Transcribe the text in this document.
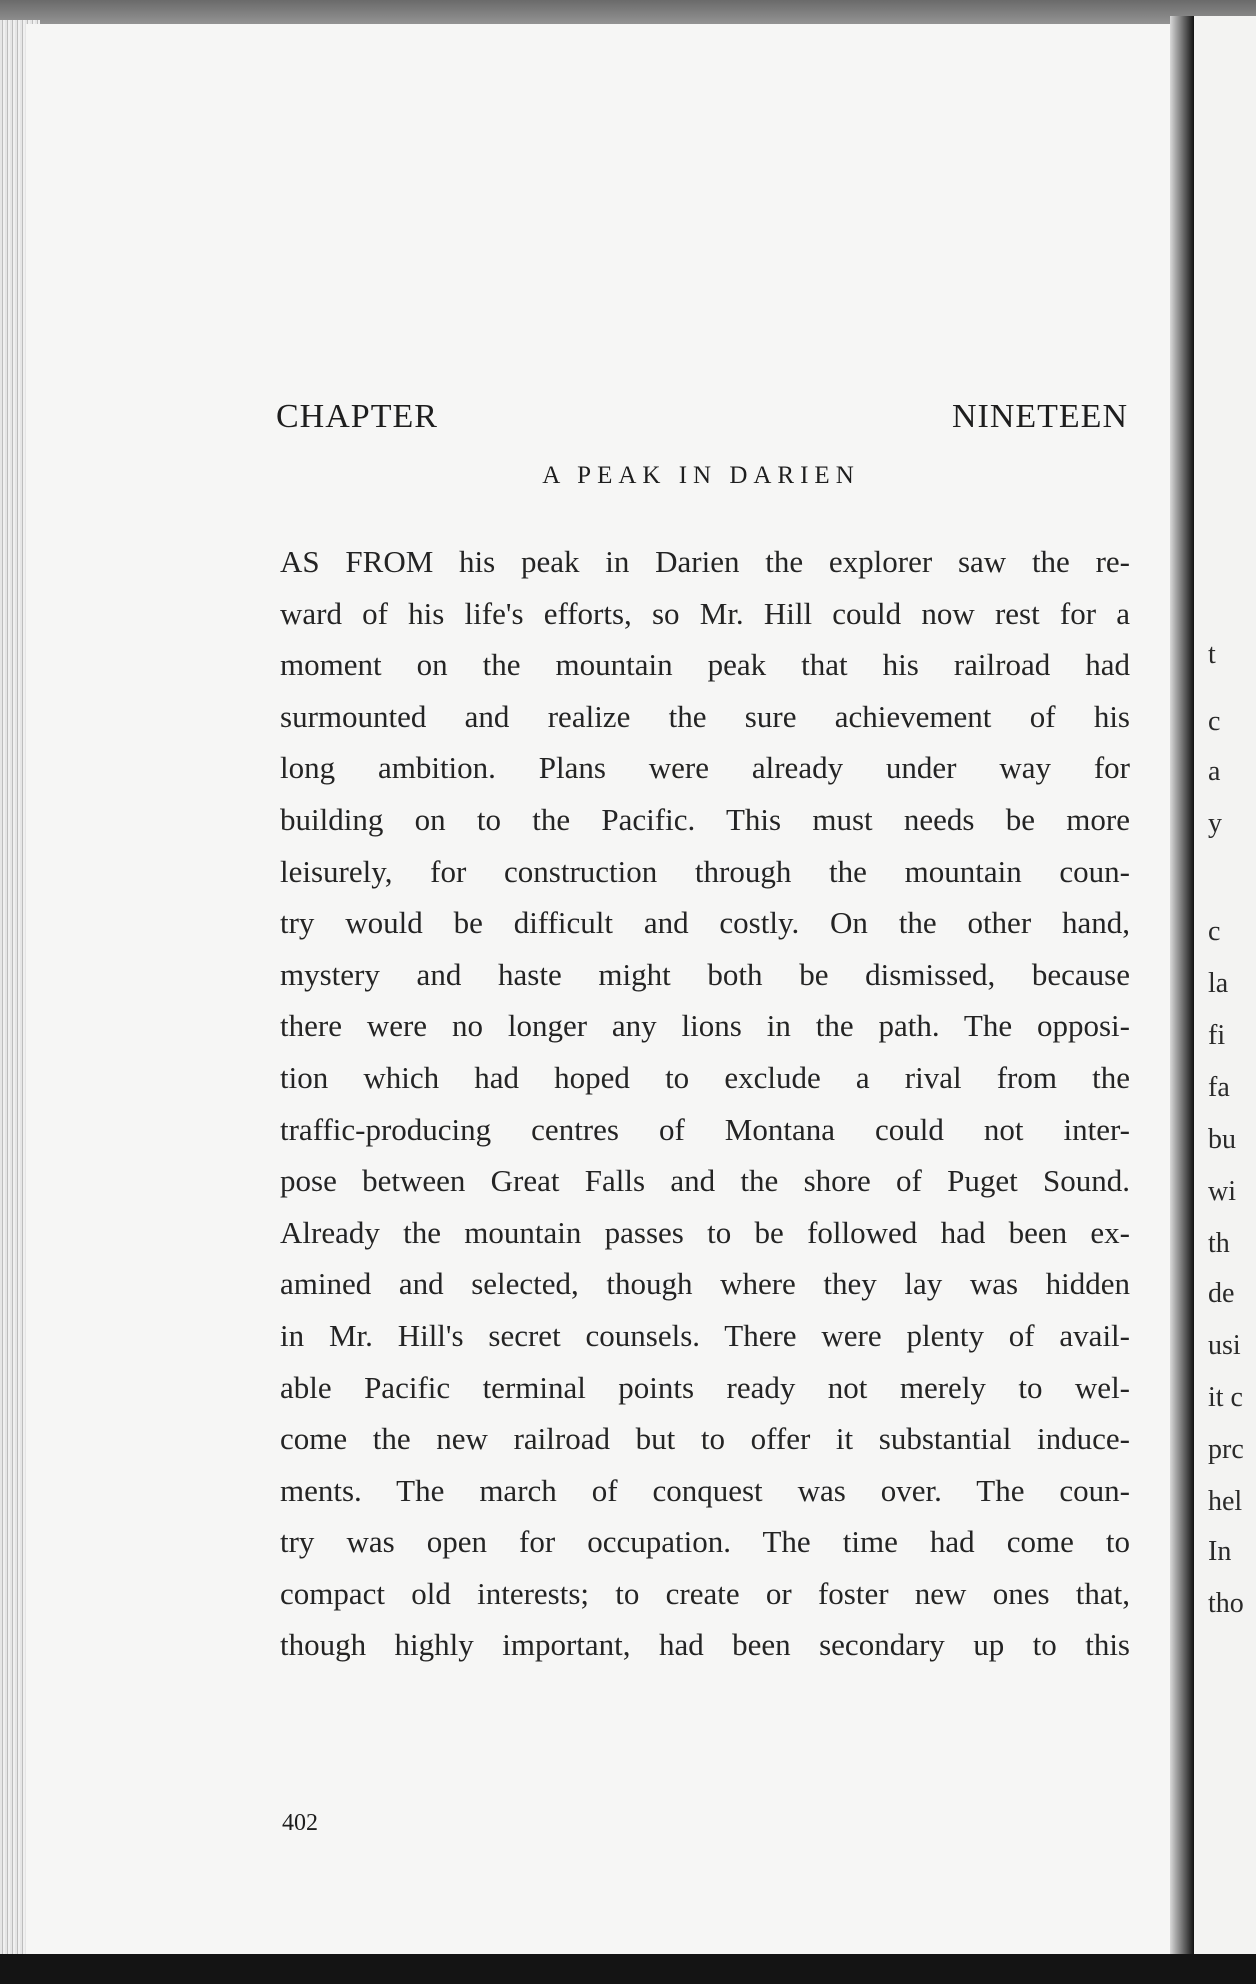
CHAPTER	NINETEEN
A PEAK IN DARIEN
AS FROM his peak in Darien the explorer saw the re-
ward of his life's efforts, so Mr. Hill could now rest for a
moment on the mountain peak that his railroad had
surmounted and realize the sure achievement of his
long ambition. Plans were already under way for
building on to the Pacific. This must needs be more
leisurely, for construction through the mountain coun-
try would be difficult and costly. On the other hand,
mystery and haste might both be dismissed, because
there were no longer any lions in the path. The opposi-
tion which had hoped to exclude a rival from the
traffic-producing centres of Montana could not inter-
pose between Great Falls and the shore of Puget Sound.
Already the mountain passes to be followed had been ex-
amined and selected, though where they lay was hidden
in Mr. Hill's secret counsels. There were plenty of avail-
able Pacific terminal points ready not merely to wel-
come the new railroad but to offer it substantial induce-
ments. The march of conquest was over. The coun-
try was open for occupation. The time had come to
compact old interests; to create or foster new ones that,
though highly important, had been secondary up to this
402
t
c
a
y
c
la
fi
fa
bu
wi
th
de
usi
it c
prc
hel
In
tho
